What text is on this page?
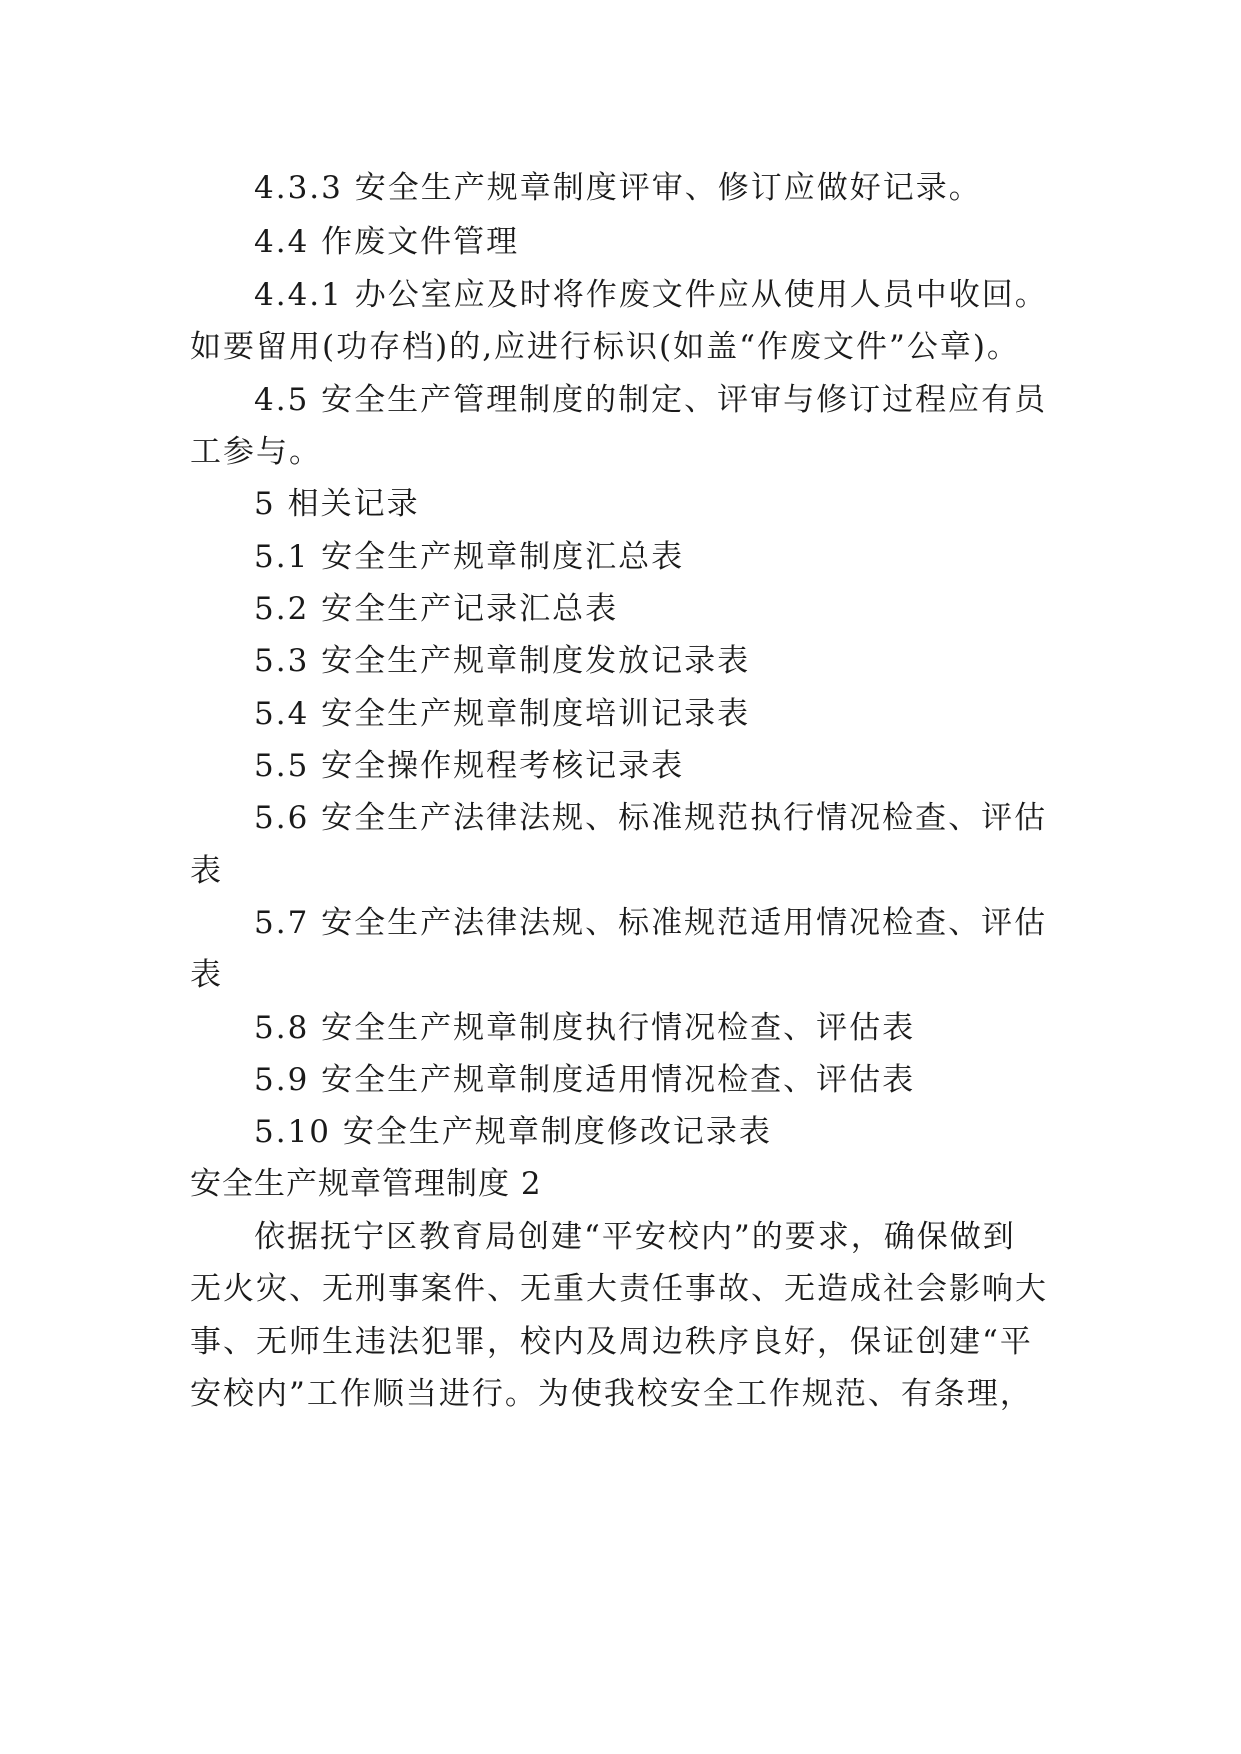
4.3.3 安全生产规章制度评审、修订应做好记录。

4.4 作废文件管理

4.4.1 办公室应及时将作废文件应从使用人员中收回。

如要留用(功存档)的,应进行标识(如盖“作废文件”公章)。

4.5 安全生产管理制度的制定、评审与修订过程应有员

工参与。

5 相关记录

5.1 安全生产规章制度汇总表

5.2 安全生产记录汇总表

5.3 安全生产规章制度发放记录表

5.4 安全生产规章制度培训记录表

5.5 安全操作规程考核记录表

5.6 安全生产法律法规、标准规范执行情况检查、评估

表

5.7 安全生产法律法规、标准规范适用情况检查、评估

表

5.8 安全生产规章制度执行情况检查、评估表

5.9 安全生产规章制度适用情况检查、评估表

5.10 安全生产规章制度修改记录表

安全生产规章管理制度 2

依据抚宁区教育局创建“平安校内”的要求，确保做到

无火灾、无刑事案件、无重大责任事故、无造成社会影响大

事、无师生违法犯罪，校内及周边秩序良好，保证创建“平

安校内”工作顺当进行。为使我校安全工作规范、有条理，
